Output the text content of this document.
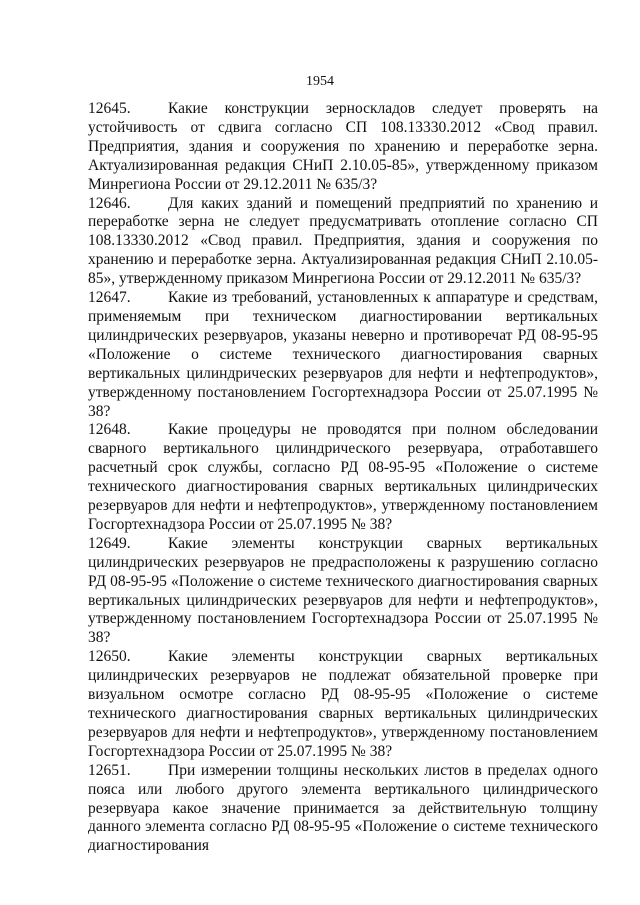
1954

12645. Какие конструкции зерноскладов следует проверять на устойчивость от сдвига согласно СП 108.13330.2012 «Свод правил. Предприятия, здания и сооружения по хранению и переработке зерна. Актуализированная редакция СНиП 2.10.05-85», утвержденному приказом Минрегиона России от 29.12.2011 № 635/3?

12646. Для каких зданий и помещений предприятий по хранению и переработке зерна не следует предусматривать отопление согласно СП 108.13330.2012 «Свод правил. Предприятия, здания и сооружения по хранению и переработке зерна. Актуализированная редакция СНиП 2.10.05-85», утвержденному приказом Минрегиона России от 29.12.2011 № 635/3?

12647. Какие из требований, установленных к аппаратуре и средствам, применяемым при техническом диагностировании вертикальных цилиндрических резервуаров, указаны неверно и противоречат РД 08-95-95 «Положение о системе технического диагностирования сварных вертикальных цилиндрических резервуаров для нефти и нефтепродуктов», утвержденному постановлением Госгортехнадзора России от 25.07.1995 № 38?

12648. Какие процедуры не проводятся при полном обследовании сварного вертикального цилиндрического резервуара, отработавшего расчетный срок службы, согласно РД 08-95-95 «Положение о системе технического диагностирования сварных вертикальных цилиндрических резервуаров для нефти и нефтепродуктов», утвержденному постановлением Госгортехнадзора России от 25.07.1995 № 38?

12649. Какие элементы конструкции сварных вертикальных цилиндрических резервуаров не предрасположены к разрушению согласно РД 08-95-95 «Положение о системе технического диагностирования сварных вертикальных цилиндрических резервуаров для нефти и нефтепродуктов», утвержденному постановлением Госгортехнадзора России от 25.07.1995 № 38?

12650. Какие элементы конструкции сварных вертикальных цилиндрических резервуаров не подлежат обязательной проверке при визуальном осмотре согласно РД 08-95-95 «Положение о системе технического диагностирования сварных вертикальных цилиндрических резервуаров для нефти и нефтепродуктов», утвержденному постановлением Госгортехнадзора России от 25.07.1995 № 38?

12651. При измерении толщины нескольких листов в пределах одного пояса или любого другого элемента вертикального цилиндрического резервуара какое значение принимается за действительную толщину данного элемента согласно РД 08-95-95 «Положение о системе технического диагностирования
